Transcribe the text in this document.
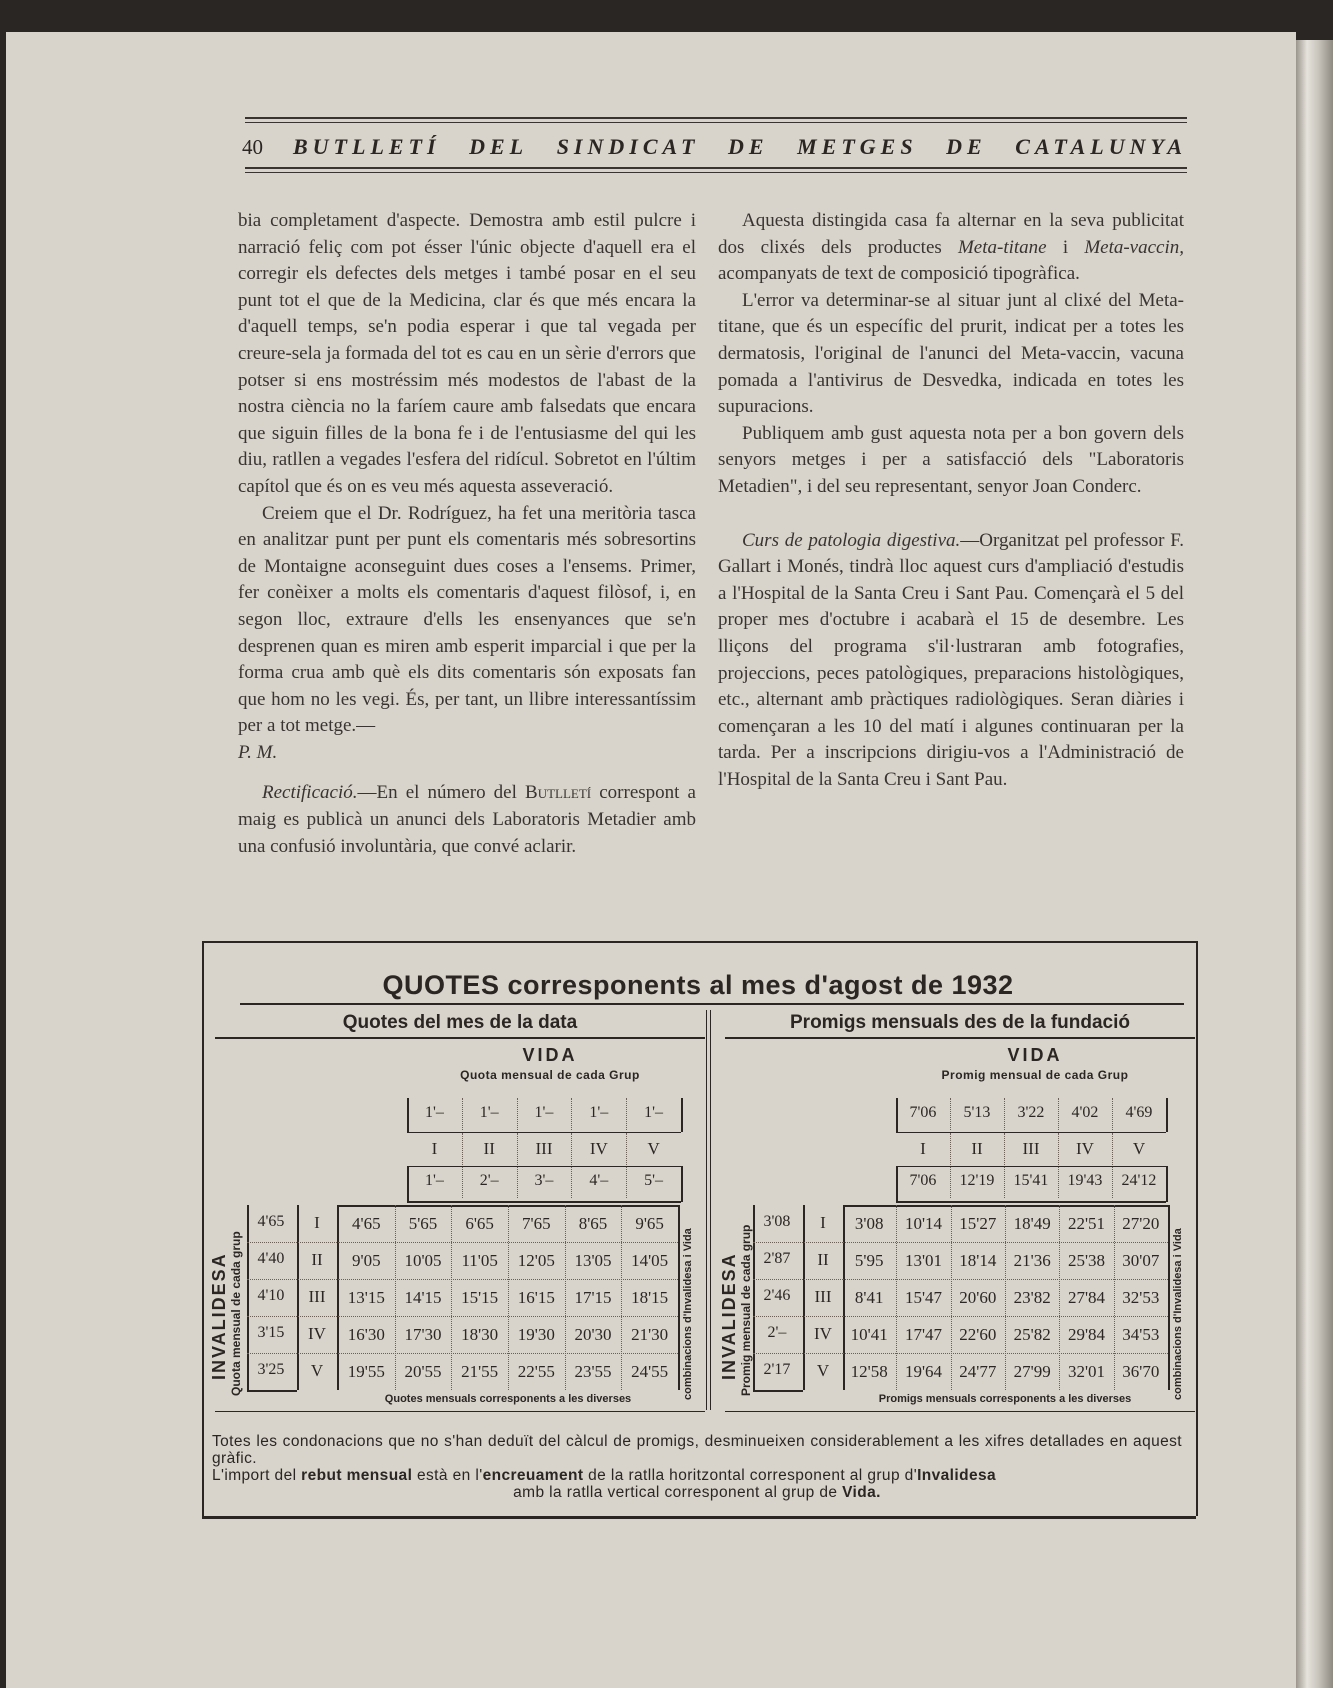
40 BUTLLETÍ DEL SINDICAT DE METGES DE CATALUNYA

bia completament d'aspecte. Demostra amb estil pulcre i narració feliç com pot ésser l'únic objecte d'aquell era el corregir els defectes dels metges i també posar en el seu punt tot el que de la Medicina, clar és que més encara la d'aquell temps, se'n podia esperar i que tal vegada per creure-sela ja formada del tot es cau en un sèrie d'errors que potser si ens mostréssim més modestos de l'abast de la nostra ciència no la faríem caure amb falsedats que encara que siguin filles de la bona fe i de l'entusiasme del qui les diu, ratllen a vegades l'esfera del ridícul. Sobretot en l'últim capítol que és on es veu més aquesta asseveració.

Creiem que el Dr. Rodríguez, ha fet una meritòria tasca en analitzar punt per punt els comentaris més sobresortins de Montaigne aconseguint dues coses a l'ensems. Primer, fer conèixer a molts els comentaris d'aquest filòsof, i, en segon lloc, extraure d'ells les ensenyances que se'n desprenen quan es miren amb esperit imparcial i que per la forma crua amb què els dits comentaris són exposats fan que hom no les vegi. És, per tant, un llibre interessantíssim per a tot metge.—
P. M.

Rectificació.—En el número del Butlletí correspont a maig es publicà un anunci dels Laboratoris Metadier amb una confusió involuntària, que convé aclarir.

Aquesta distingida casa fa alternar en la seva publicitat dos clixés dels productes Meta-titane i Meta-vaccin, acompanyats de text de composició tipogràfica.

L'error va determinar-se al situar junt al clixé del Meta-titane, que és un específic del prurit, indicat per a totes les dermatosis, l'original de l'anunci del Meta-vaccin, vacuna pomada a l'antivirus de Desvedka, indicada en totes les supuracions.

Publiquem amb gust aquesta nota per a bon govern dels senyors metges i per a satisfacció dels "Laboratoris Metadien", i del seu representant, senyor Joan Conderc.

Curs de patologia digestiva.—Organitzat pel professor F. Gallart i Monés, tindrà lloc aquest curs d'ampliació d'estudis a l'Hospital de la Santa Creu i Sant Pau. Començarà el 5 del proper mes d'octubre i acabarà el 15 de desembre. Les lliçons del programa s'il·lustraran amb fotografies, projeccions, peces patològiques, preparacions histològiques, etc., alternant amb pràctiques radiològiques. Seran diàries i començaran a les 10 del matí i algunes continuaran per la tarda. Per a inscripcions dirigiu-vos a l'Administració de l'Hospital de la Santa Creu i Sant Pau.

QUOTES corresponents al mes d'agost de 1932
Quotes del mes de la data
VIDA
Quota mensual de cada Grup
1'–	1'–	1'–	1'–	1'–
I	II	III	IV	V
1'–	2'–	3'–	4'–	5'–
INVALIDESA Quota mensual de cada grup
4'65	I	4'65	5'65	6'65	7'65	8'65	9'65
4'40	II	9'05	10'05	11'05	12'05	13'05	14'05
4'10	III	13'15	14'15	15'15	16'15	17'15	18'15
3'15	IV	16'30	17'30	18'30	19'30	20'30	21'30
3'25	V	19'55	20'55	21'55	22'55	23'55	24'55	combinacions d'Invalidesa i Vida
Quotes mensuals corresponents a les diverses
Promigs mensuals des de la fundació
VIDA
Promig mensual de cada Grup
7'06	5'13	3'22	4'02	4'69
I	II	III	IV	V
7'06	12'19	15'41	19'43	24'12
INVALIDESA Promig mensual de cada grup
3'08	I	3'08	10'14	15'27	18'49	22'51	27'20
2'87	II	5'95	13'01	18'14	21'36	25'38	30'07
2'46	III	8'41	15'47	20'60	23'82	27'84	32'53
2'–	IV	10'41	17'47	22'60	25'82	29'84	34'53
2'17	V	12'58	19'64	24'77	27'99	32'01	36'70	combinacions d'Invalidesa i Vida
Promigs mensuals corresponents a les diverses
Totes les condonacions que no s'han deduït del càlcul de promigs, desminueixen considerablement a les xifres detallades en aquest gràfic.
L'import del rebut mensual està en l'encreuament de la ratlla horitzontal corresponent al grup d'Invalidesa
amb la ratlla vertical corresponent al grup de Vida.
